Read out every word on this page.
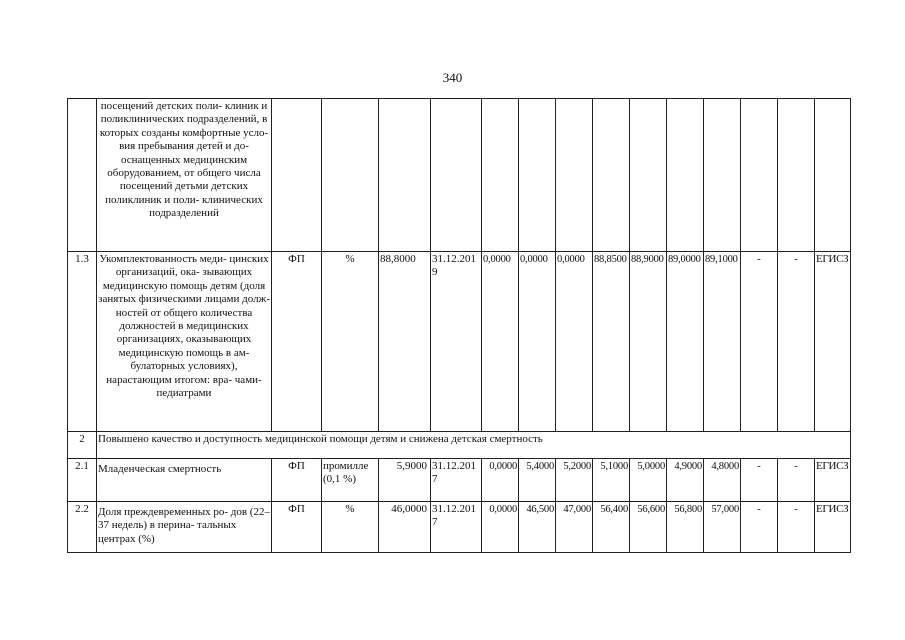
340
	посещений детских поли- клиник и поликлинических подразделений, в которых созданы комфортные усло- вия пребывания детей и до- оснащенных медицинским оборудованием, от общего числа посещений детьми детских поликлиник и поли- клинических подразделений														
1.3	Укомплектованность меди- цинских организаций, ока- зывающих медицинскую помощь детям (доля занятых физическими лицами долж- ностей от общего количества должностей в медицинских организациях, оказывающих медицинскую помощь в ам- булаторных условиях), нарастающим итогом: вра- чами-педиатрами	ФП	%	88,8000	31.12.2019	0,0000	0,0000	0,0000	88,8500	88,9000	89,0000	89,1000	-	-	ЕГИСЗ
2	Повышено качество и доступность медицинской помощи детям и снижена детская смертность														
2.1	Младенческая смертность	ФП	промилле (0,1 %)	5,9000	31.12.2017	0,0000	5,4000	5,2000	5,1000	5,0000	4,9000	4,8000	-	-	ЕГИСЗ
2.2	Доля преждевременных ро- дов (22–37 недель) в перина- тальных центрах (%)	ФП	%	46,0000	31.12.2017	0,0000	46,500	47,000	56,400	56,600	56,800	57,000	-	-	ЕГИСЗ
